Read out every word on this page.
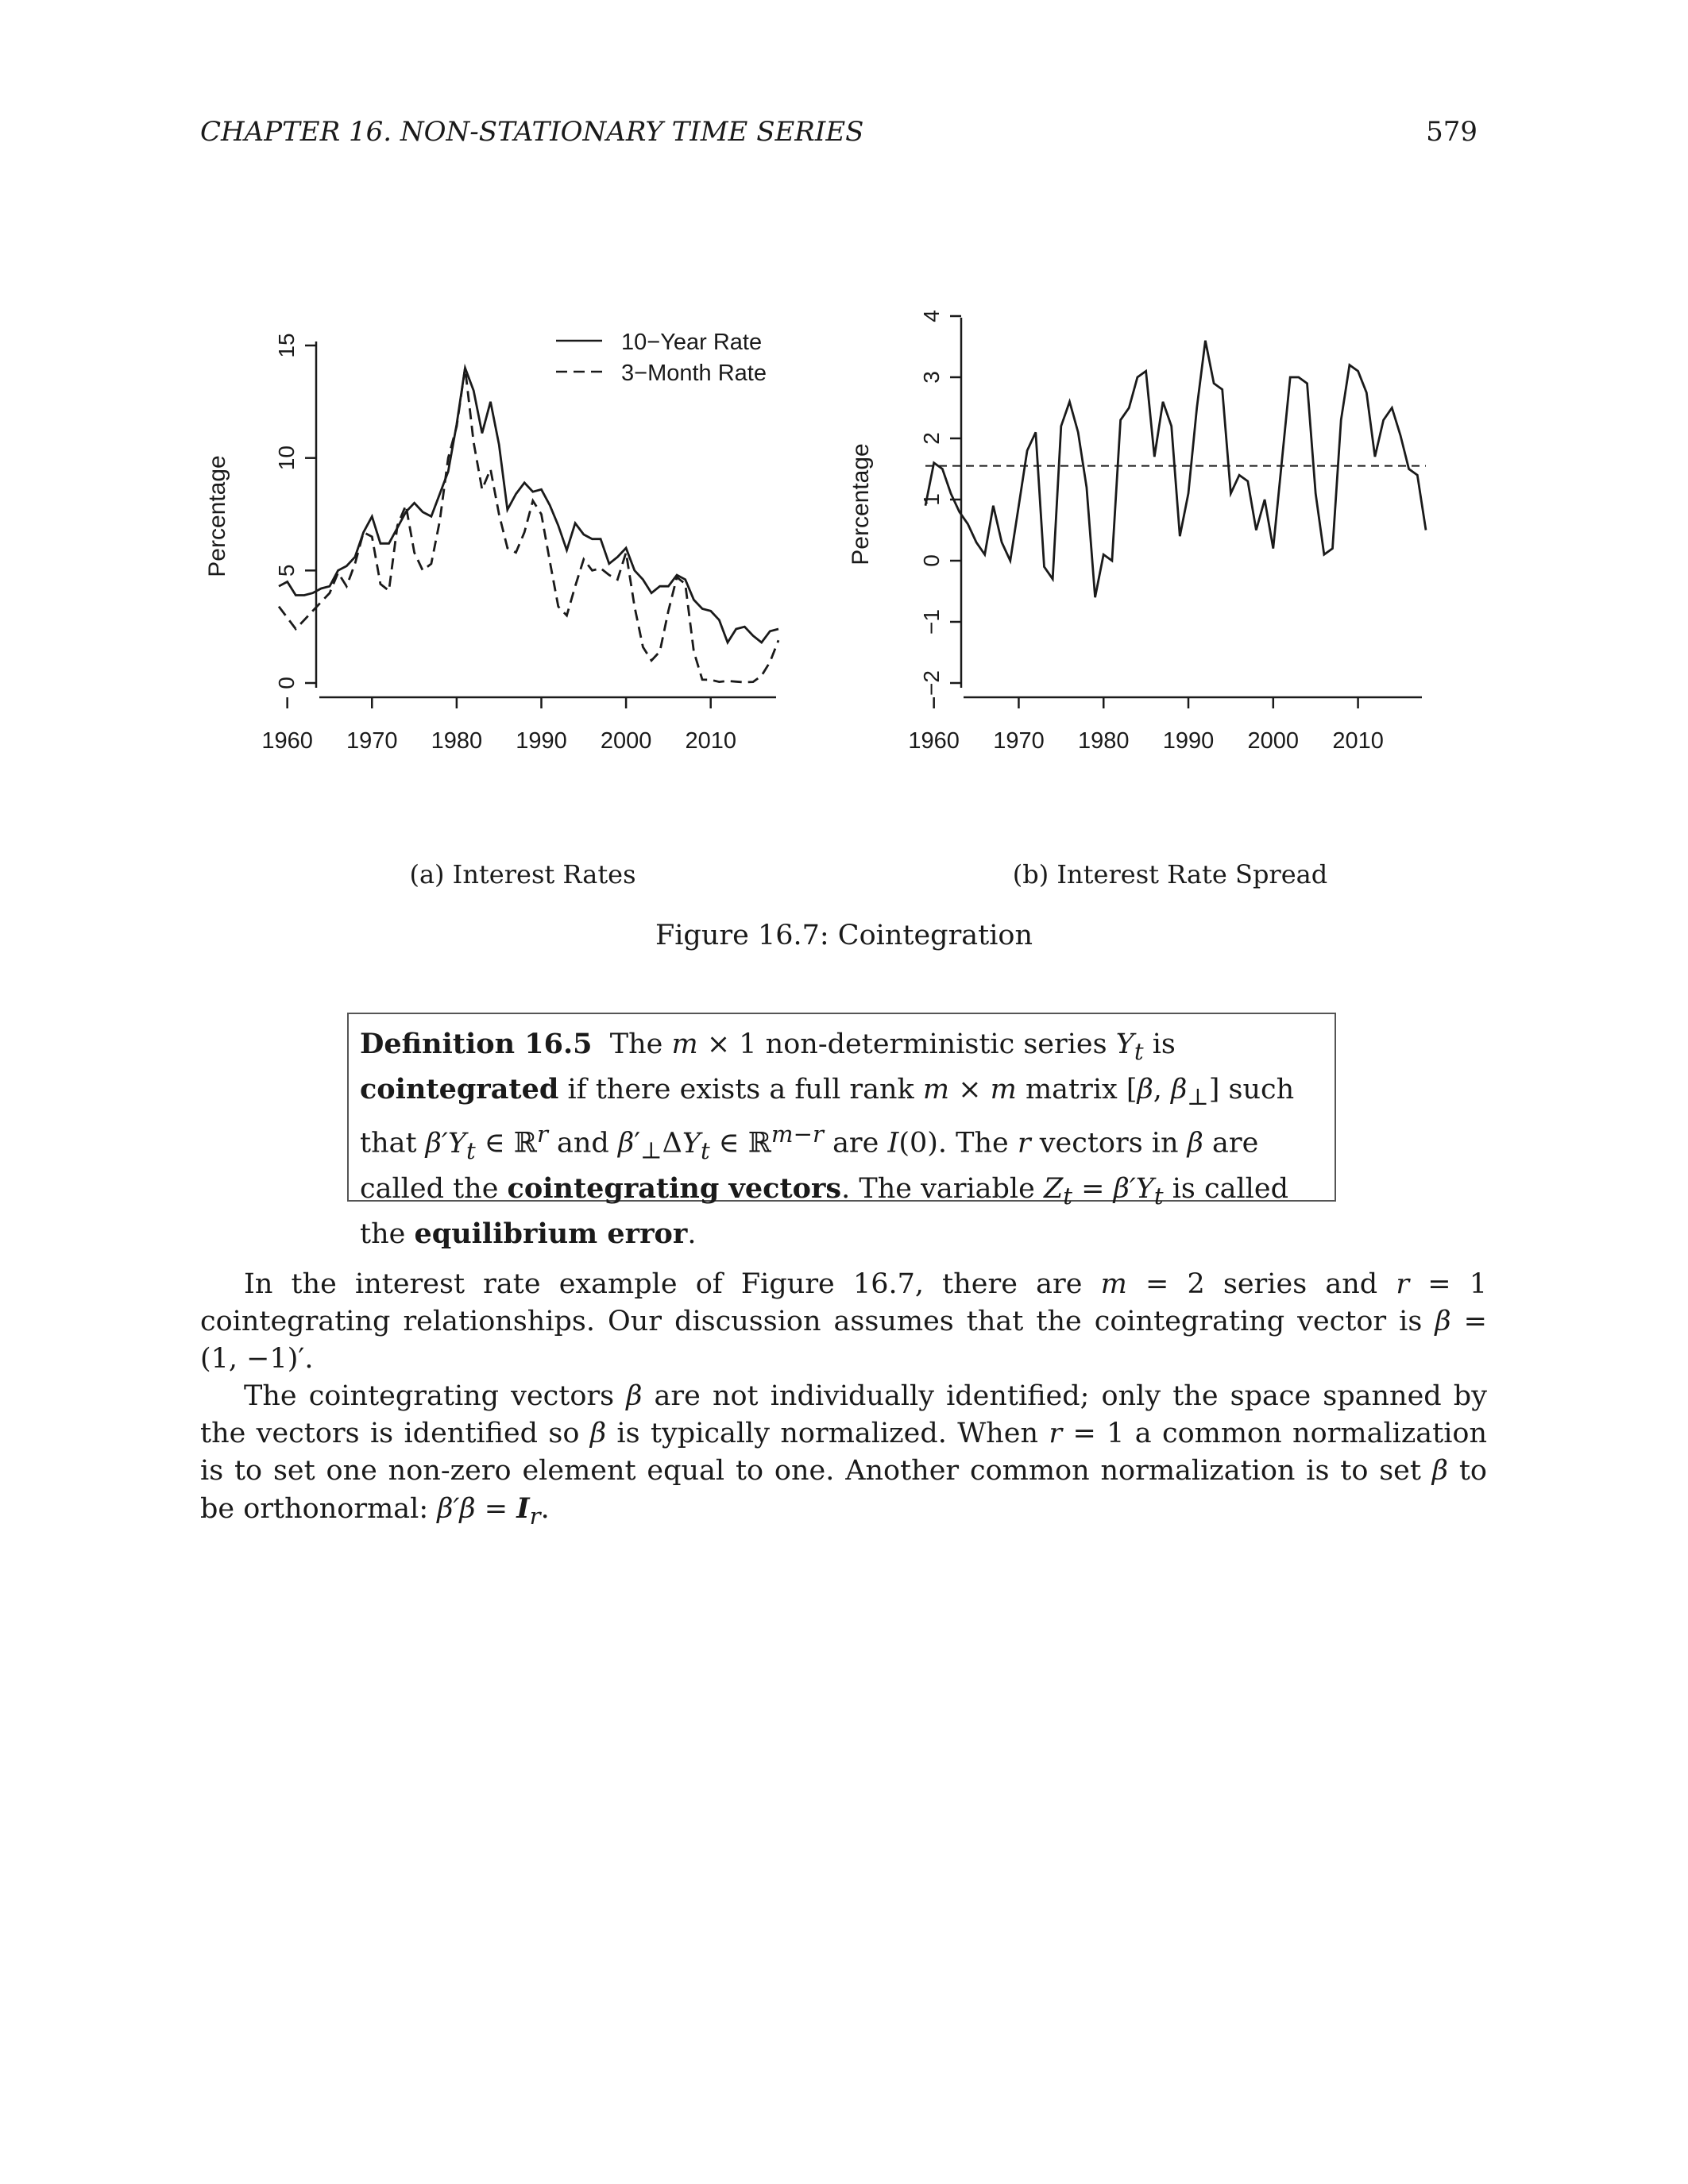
CHAPTER 16. NON-STATIONARY TIME SERIES	579
0
5
10
15
1960 1970 1980 1990 2000 2010
Percentage
10−Year Rate
3−Month Rate
−2
−1
0
1
2
3
4
1960 1970 1980 1990 2000 2010
Percentage
(a) Interest Rates	(b) Interest Rate Spread
Figure 16.7: Cointegration

Definition 16.5  The m × 1 non-deterministic series $Y_t$ is cointegrated if there exists a full rank m × m matrix [β, $\beta_\perp$] such that $\beta'Y_t$ ∈ ℝ$^r$ and $\beta'_\perp\Delta Y_t$ ∈ ℝ$^{m-r}$ are I(0). The r vectors in β are called the cointegrating vectors. The variable $Z_t = \beta'Y_t$ is called the equilibrium error.

In the interest rate example of Figure 16.7, there are m = 2 series and r = 1 cointegrating relationships. Our discussion assumes that the cointegrating vector is β = (1, −1)′.

The cointegrating vectors β are not individually identified; only the space spanned by the vectors is identified so β is typically normalized. When r = 1 a common normalization is to set one non-zero element equal to one. Another common normalization is to set β to be orthonormal: $\beta'\beta = I_r$.
